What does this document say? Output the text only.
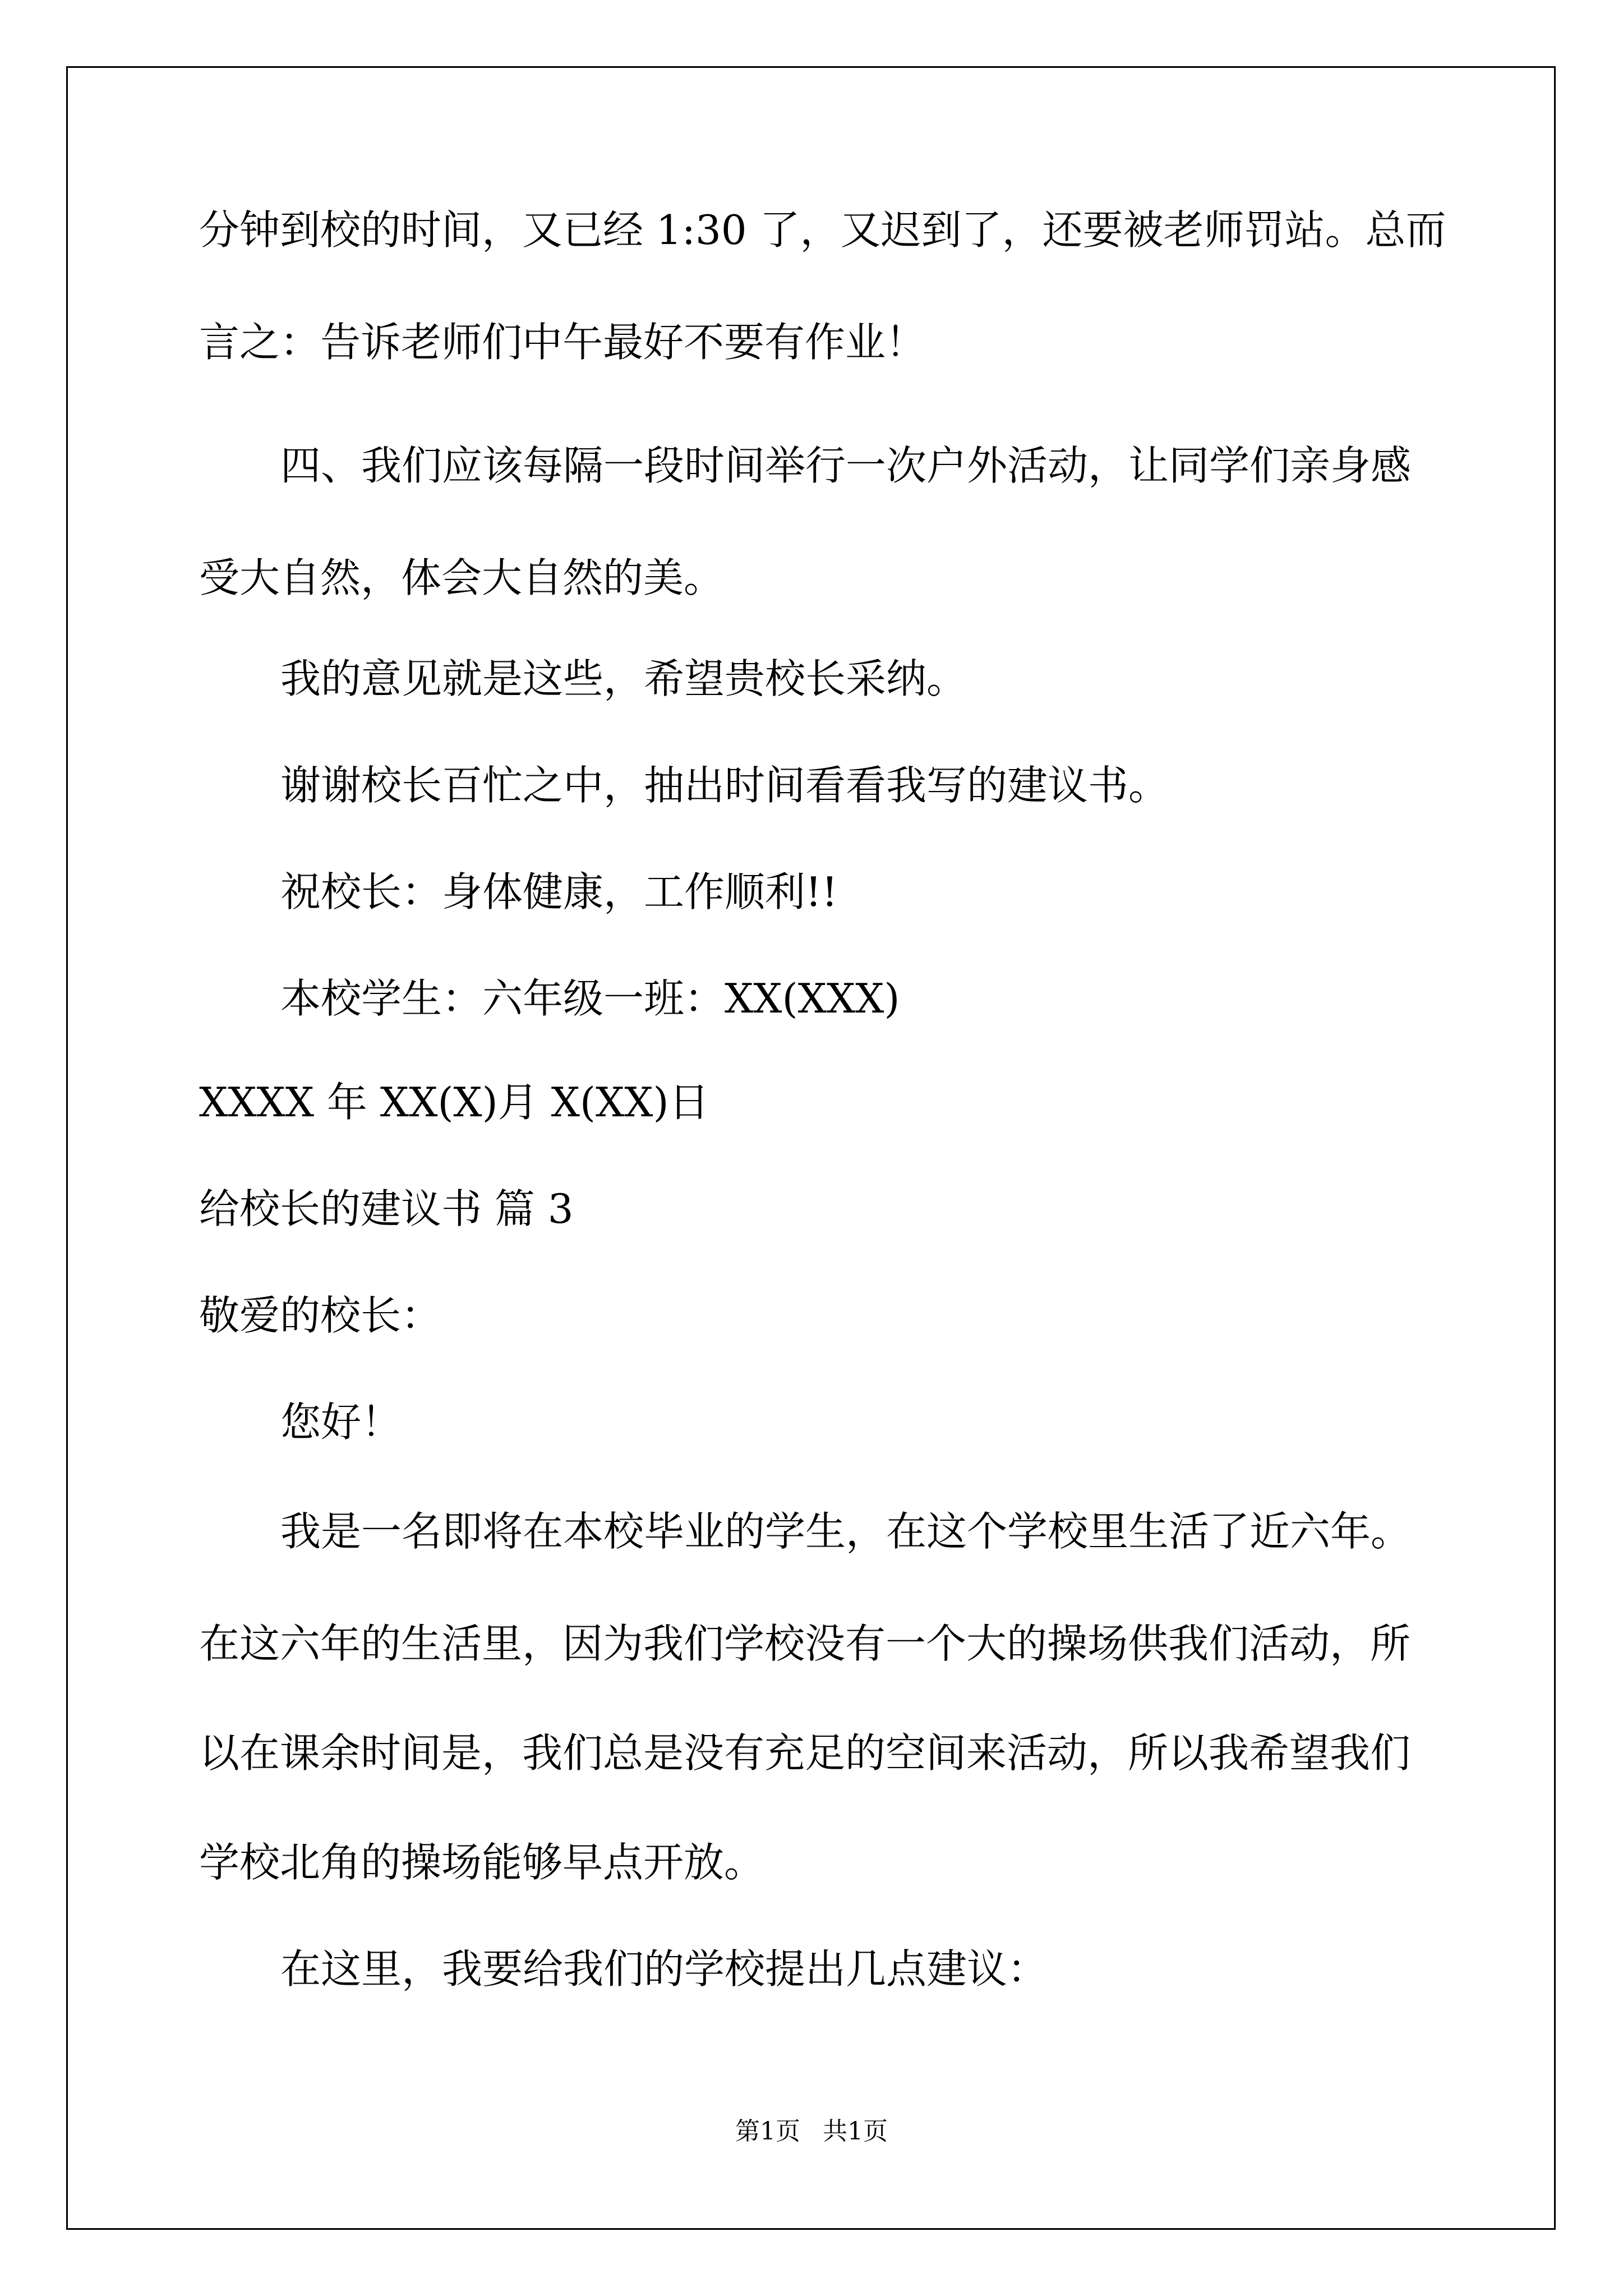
分钟到校的时间，又已经 1:30 了，又迟到了，还要被老师罚站。总而
言之：告诉老师们中午最好不要有作业！
四、我们应该每隔一段时间举行一次户外活动，让同学们亲身感
受大自然，体会大自然的美。
我的意见就是这些，希望贵校长采纳。
谢谢校长百忙之中，抽出时间看看我写的建议书。
祝校长：身体健康，工作顺利!!
本校学生：六年级一班：XX(XXX)
XXXX 年 XX(X)月 X(XX)日
给校长的建议书 篇 3
敬爱的校长：
您好！
我是一名即将在本校毕业的学生，在这个学校里生活了近六年。
在这六年的生活里，因为我们学校没有一个大的操场供我们活动，所
以在课余时间是，我们总是没有充足的空间来活动，所以我希望我们
学校北角的操场能够早点开放。
在这里，我要给我们的学校提出几点建议：
第1页 共1页
